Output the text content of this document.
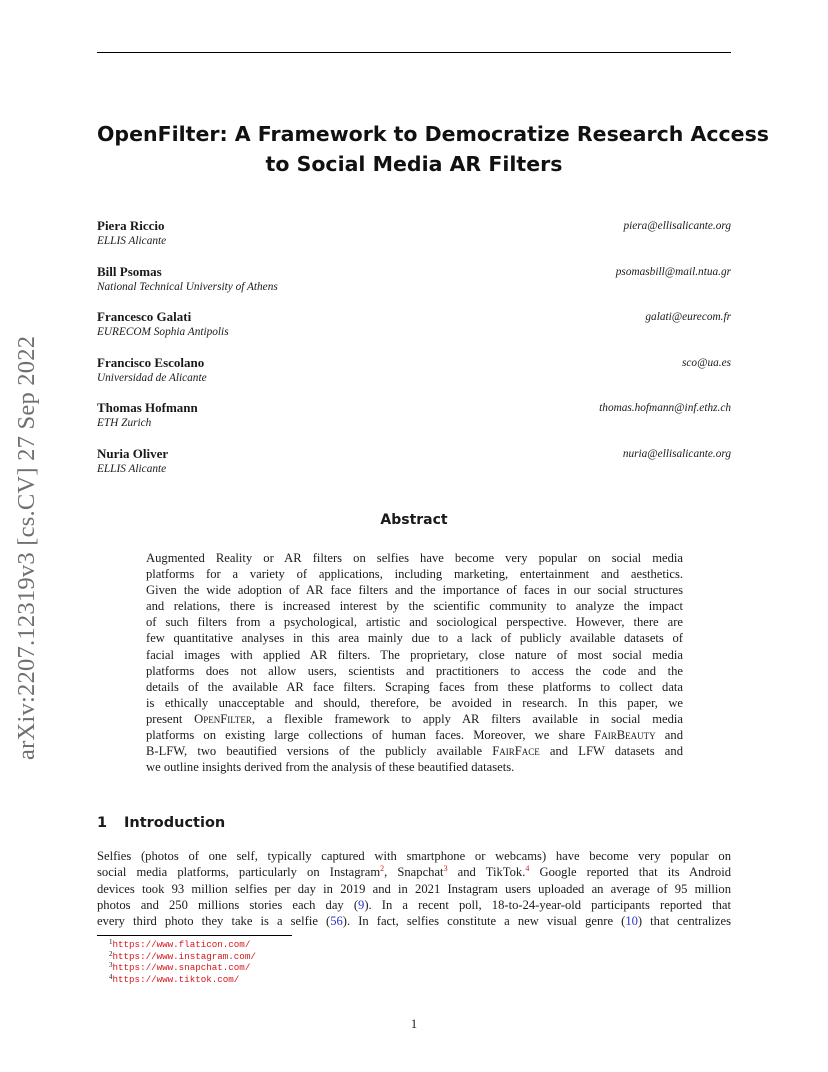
arXiv:2207.12319v3 [cs.CV] 27 Sep 2022
OpenFilter: A Framework to Democratize Research Access
to Social Media AR Filters
Piera Riccio
ELLIS Alicante
piera@ellisalicante.org
Bill Psomas
National Technical University of Athens
psomasbill@mail.ntua.gr
Francesco Galati
EURECOM Sophia Antipolis
galati@eurecom.fr
Francisco Escolano
Universidad de Alicante
sco@ua.es
Thomas Hofmann
ETH Zurich
thomas.hofmann@inf.ethz.ch
Nuria Oliver
ELLIS Alicante
nuria@ellisalicante.org
Abstract
Augmented Reality or AR filters on selfies have become very popular on social media
platforms for a variety of applications, including marketing, entertainment and aesthetics.
Given the wide adoption of AR face filters and the importance of faces in our social structures
and relations, there is increased interest by the scientific community to analyze the impact
of such filters from a psychological, artistic and sociological perspective. However, there are
few quantitative analyses in this area mainly due to a lack of publicly available datasets of
facial images with applied AR filters. The proprietary, close nature of most social media
platforms does not allow users, scientists and practitioners to access the code and the
details of the available AR face filters. Scraping faces from these platforms to collect data
is ethically unacceptable and should, therefore, be avoided in research. In this paper, we
present OpenFilter, a flexible framework to apply AR filters available in social media
platforms on existing large collections of human faces. Moreover, we share FairBeauty and
B-LFW, two beautified versions of the publicly available FairFace and LFW datasets and
we outline insights derived from the analysis of these beautified datasets.
1 Introduction
Selfies (photos of one self, typically captured with smartphone or webcams) have become very popular on
social media platforms, particularly on Instagram$^2$, Snapchat$^3$ and TikTok.$^4$ Google reported that its Android
devices took 93 million selfies per day in 2019 and in 2021 Instagram users uploaded an average of 95 million
photos and 250 millions stories each day (9). In a recent poll, 18-to-24-year-old participants reported that
every third photo they take is a selfie (56). In fact, selfies constitute a new visual genre (10) that centralizes
$^1$https://www.flaticon.com/
$^2$https://www.instagram.com/
$^3$https://www.snapchat.com/
$^4$https://www.tiktok.com/
1
